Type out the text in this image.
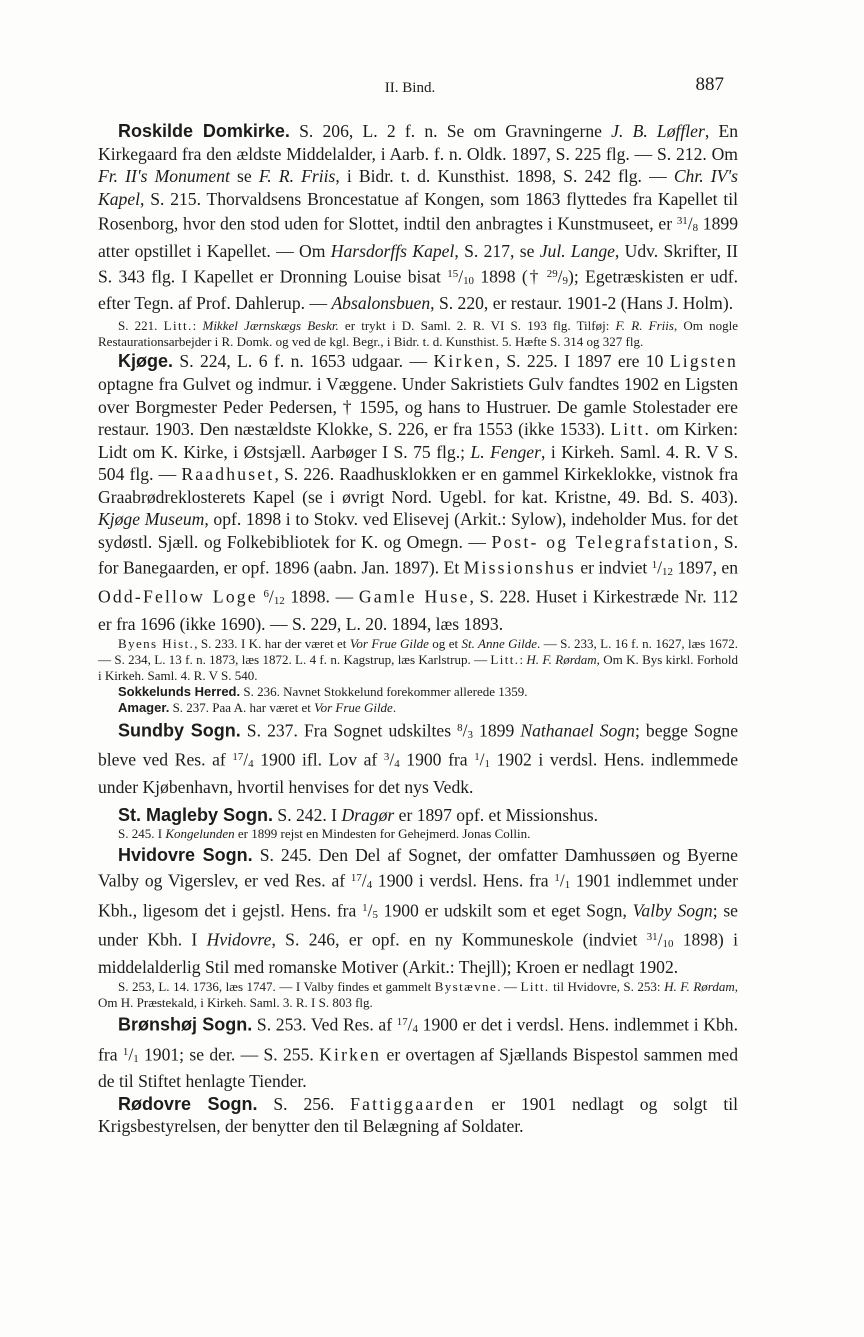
II. Bind.	887

Roskilde Domkirke. S. 206, L. 2 f. n. Se om Gravningerne J. B. Løffler, En Kirkegaard fra den ældste Middelalder, i Aarb. f. n. Oldk. 1897, S. 225 flg. — S. 212. Om Fr. II's Monument se F. R. Friis, i Bidr. t. d. Kunsthist. 1898, S. 242 flg. — Chr. IV's Kapel, S. 215. Thorvaldsens Broncestatue af Kongen, som 1863 flyttedes fra Kapellet til Rosenborg, hvor den stod uden for Slottet, indtil den anbragtes i Kunstmuseet, er $^{31}$/8 1899 atter opstillet i Kapellet. — Om Harsdorffs Kapel, S. 217, se Jul. Lange, Udv. Skrifter, II S. 343 flg. I Kapellet er Dronning Louise bisat $^{15}$/10 1898 († $^{29}$/9); Egetræskisten er udf. efter Tegn. af Prof. Dahlerup. — Absalonsbuen, S. 220, er restaur. 1901-2 (Hans J. Holm).

S. 221. Litt.: Mikkel Jærnskægs Beskr. er trykt i D. Saml. 2. R. VI S. 193 flg. Tilføj: F. R. Friis, Om nogle Restaurationsarbejder i R. Domk. og ved de kgl. Begr., i Bidr. t. d. Kunsthist. 5. Hæfte S. 314 og 327 flg.

Kjøge. S. 224, L. 6 f. n. 1653 udgaar. — Kirken, S. 225. I 1897 ere 10 Ligsten optagne fra Gulvet og indmur. i Væggene. Under Sakristiets Gulv fandtes 1902 en Ligsten over Borgmester Peder Pedersen, † 1595, og hans to Hustruer. De gamle Stolestader ere restaur. 1903. Den næstældste Klokke, S. 226, er fra 1553 (ikke 1533). Litt. om Kirken: Lidt om K. Kirke, i Østsjæll. Aarbøger I S. 75 flg.; L. Fenger, i Kirkeh. Saml. 4. R. V S. 504 flg. — Raadhuset, S. 226. Raadhusklokken er en gammel Kirkeklokke, vistnok fra Graabrødreklosterets Kapel (se i øvrigt Nord. Ugebl. for kat. Kristne, 49. Bd. S. 403). Kjøge Museum, opf. 1898 i to Stokv. ved Elisevej (Arkit.: Sylow), indeholder Mus. for det sydøstl. Sjæll. og Folkebibliotek for K. og Omegn. — Post- og Telegrafstation, S. for Banegaarden, er opf. 1896 (aabn. Jan. 1897). Et Missionshus er indviet $^1$/12 1897, en Odd-Fellow Loge $^6$/12 1898. — Gamle Huse, S. 228. Huset i Kirkestræde Nr. 112 er fra 1696 (ikke 1690). — S. 229, L. 20. 1894, læs 1893.

Byens Hist., S. 233. I K. har der været et Vor Frue Gilde og et St. Anne Gilde. — S. 233, L. 16 f. n. 1627, læs 1672. — S. 234, L. 13 f. n. 1873, læs 1872. L. 4 f. n. Kagstrup, læs Karlstrup. — Litt.: H. F. Rørdam, Om K. Bys kirkl. Forhold i Kirkeh. Saml. 4. R. V S. 540.

Sokkelunds Herred. S. 236. Navnet Stokkelund forekommer allerede 1359.

Amager. S. 237. Paa A. har været et Vor Frue Gilde.

Sundby Sogn. S. 237. Fra Sognet udskiltes $^8$/3 1899 Nathanael Sogn; begge Sogne bleve ved Res. af $^{17}$/4 1900 ifl. Lov af $^3$/4 1900 fra $^1$/1 1902 i verdsl. Hens. indlemmede under Kjøbenhavn, hvortil henvises for det nys Vedk.

St. Magleby Sogn. S. 242. I Dragør er 1897 opf. et Missionshus.

S. 245. I Kongelunden er 1899 rejst en Mindesten for Gehejmerd. Jonas Collin.

Hvidovre Sogn. S. 245. Den Del af Sognet, der omfatter Damhussøen og Byerne Valby og Vigerslev, er ved Res. af $^{17}$/4 1900 i verdsl. Hens. fra $^1$/1 1901 indlemmet under Kbh., ligesom det i gejstl. Hens. fra $^1$/5 1900 er udskilt som et eget Sogn, Valby Sogn; se under Kbh. I Hvidovre, S. 246, er opf. en ny Kommuneskole (indviet $^{31}$/10 1898) i middelalderlig Stil med romanske Motiver (Arkit.: Thejll); Kroen er nedlagt 1902.

S. 253, L. 14. 1736, læs 1747. — I Valby findes et gammelt Bystævne. — Litt. til Hvidovre, S. 253: H. F. Rørdam, Om H. Præstekald, i Kirkeh. Saml. 3. R. I S. 803 flg.

Brønshøj Sogn. S. 253. Ved Res. af $^{17}$/4 1900 er det i verdsl. Hens. indlemmet i Kbh. fra $^1$/1 1901; se der. — S. 255. Kirken er overtagen af Sjællands Bispestol sammen med de til Stiftet henlagte Tiender.

Rødovre Sogn. S. 256. Fattiggaarden er 1901 nedlagt og solgt til Krigsbestyrelsen, der benytter den til Belægning af Soldater.
